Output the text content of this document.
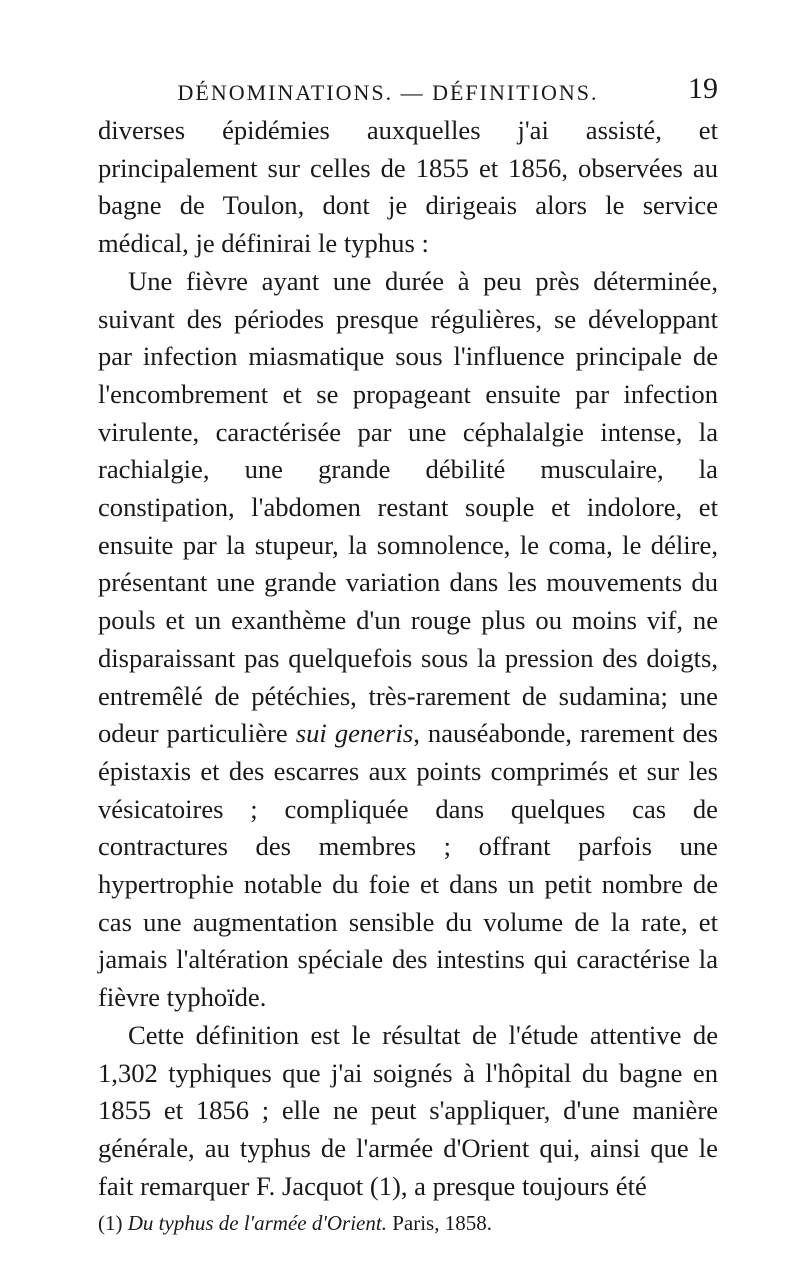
DÉNOMINATIONS. — DÉFINITIONS.	19

diverses épidémies auxquelles j'ai assisté, et principalement sur celles de 1855 et 1856, observées au bagne de Toulon, dont je dirigeais alors le service médical, je définirai le typhus :

Une fièvre ayant une durée à peu près déterminée, suivant des périodes presque régulières, se développant par infection miasmatique sous l'influence principale de l'encombrement et se propageant ensuite par infection virulente, caractérisée par une céphalalgie intense, la rachialgie, une grande débilité musculaire, la constipation, l'abdomen restant souple et indolore, et ensuite par la stupeur, la somnolence, le coma, le délire, présentant une grande variation dans les mouvements du pouls et un exanthème d'un rouge plus ou moins vif, ne disparaissant pas quelquefois sous la pression des doigts, entremêlé de pétéchies, très-rarement de sudamina; une odeur particulière sui generis, nauséabonde, rarement des épistaxis et des escarres aux points comprimés et sur les vésicatoires ; compliquée dans quelques cas de contractures des membres ; offrant parfois une hypertrophie notable du foie et dans un petit nombre de cas une augmentation sensible du volume de la rate, et jamais l'altération spéciale des intestins qui caractérise la fièvre typhoïde.

Cette définition est le résultat de l'étude attentive de 1,302 typhiques que j'ai soignés à l'hôpital du bagne en 1855 et 1856 ; elle ne peut s'appliquer, d'une manière générale, au typhus de l'armée d'Orient qui, ainsi que le fait remarquer F. Jacquot (1), a presque toujours été

(1) Du typhus de l'armée d'Orient. Paris, 1858.
